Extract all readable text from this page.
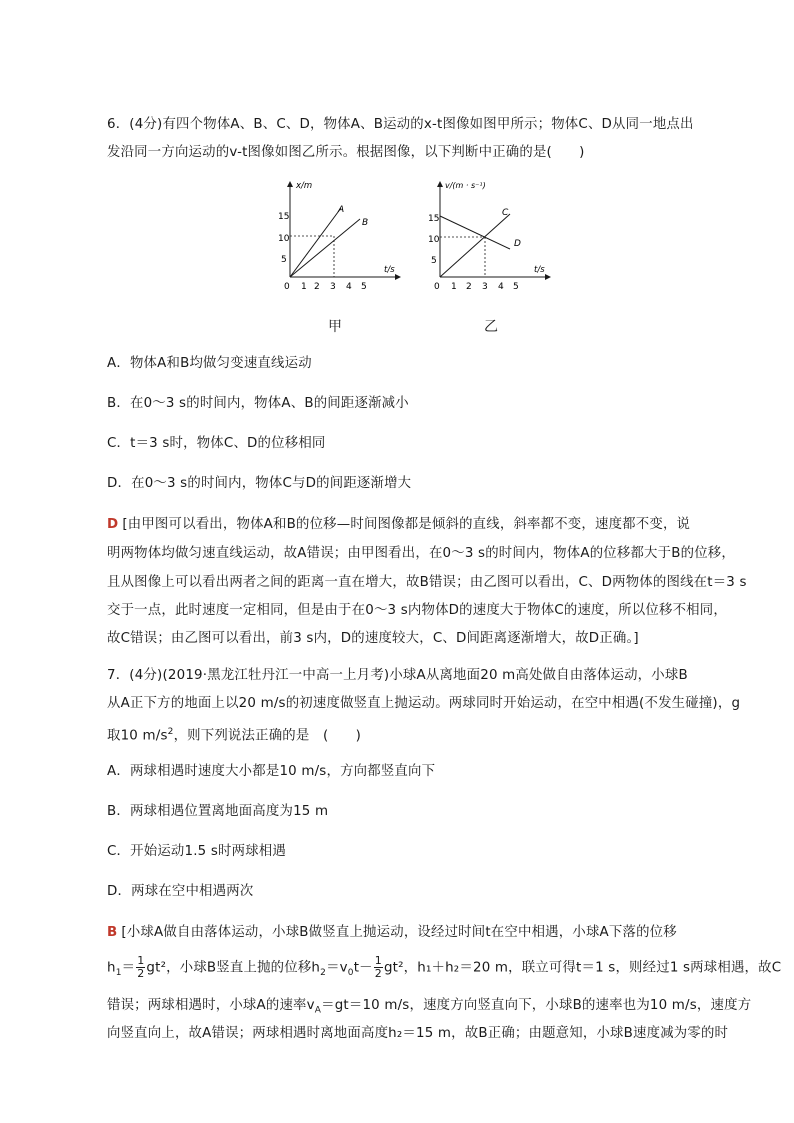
6．(4分)有四个物体A、B、C、D，物体A、B运动的x-t图像如图甲所示；物体C、D从同一地点出
发沿同一方向运动的v-t图像如图乙所示。根据图像，以下判断中正确的是(　　)
x/m
t/s
15
10
5
0 1 2 3 4 5
A
B
v/(m · s⁻¹)
t/s
15
10
5
0 1 2 3 4 5
C
D
甲	乙
A．物体A和B均做匀变速直线运动
B．在0～3 s的时间内，物体A、B的间距逐渐减小
C．t＝3 s时，物体C、D的位移相同
D．在0～3 s的时间内，物体C与D的间距逐渐增大
D [由甲图可以看出，物体A和B的位移—时间图像都是倾斜的直线，斜率都不变，速度都不变，说
明两物体均做匀速直线运动，故A错误；由甲图看出，在0～3 s的时间内，物体A的位移都大于B的位移，
且从图像上可以看出两者之间的距离一直在增大，故B错误；由乙图可以看出，C、D两物体的图线在t＝3 s
交于一点，此时速度一定相同，但是由于在0～3 s内物体D的速度大于物体C的速度，所以位移不相同，
故C错误；由乙图可以看出，前3 s内，D的速度较大，C、D间距离逐渐增大，故D正确。]
7．(4分)(2019·黑龙江牡丹江一中高一上月考)小球A从离地面20 m高处做自由落体运动，小球B
从A正下方的地面上以20 m/s的初速度做竖直上抛运动。两球同时开始运动，在空中相遇(不发生碰撞)，g
取10 $m/s^2$，则下列说法正确的是　(　　)
A．两球相遇时速度大小都是10 m/s，方向都竖直向下
B．两球相遇位置离地面高度为15 m
C．开始运动1.5 s时两球相遇
D．两球在空中相遇两次
B [小球A做自由落体运动，小球B做竖直上抛运动，设经过时间t在空中相遇，小球A下落的位移
$h_1= \frac{1}{2} gt^2$，小球B竖直上抛的位移$h_2=v_0t- \frac{1}{2} gt^2$，h₁＋h₂＝20 m，联立可得t＝1 s，则经过1 s两球相遇，故C
错误；两球相遇时，小球A的速率$v_A=gt=10$ m/s，速度方向竖直向下，小球B的速率也为10 m/s，速度方
向竖直向上，故A错误；两球相遇时离地面高度h₂＝15 m，故B正确；由题意知，小球B速度减为零的时
